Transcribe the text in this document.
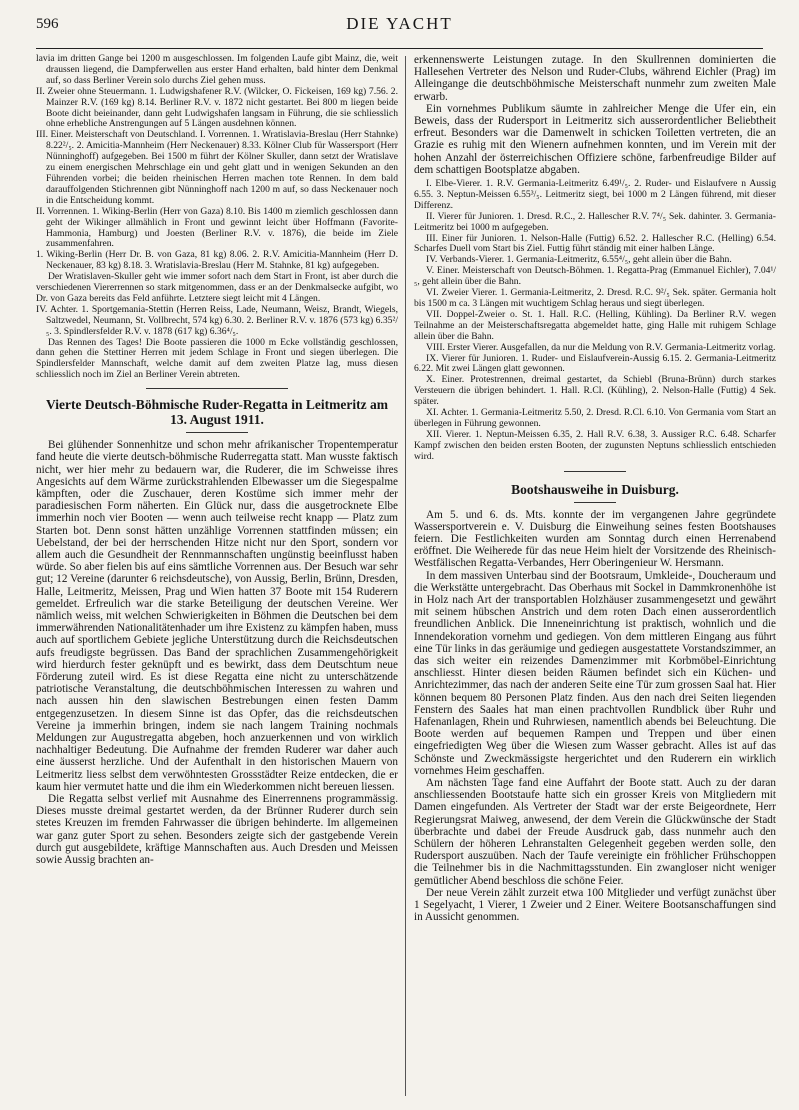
596	DIE YACHT

lavia im dritten Gange bei 1200 m ausgeschlossen. Im folgenden Laufe gibt Mainz, die, weit draussen liegend, die Dampferwellen aus erster Hand erhalten, bald hinter dem Denkmal auf, so dass Berliner Verein solo durchs Ziel gehen muss.

II. Zweier ohne Steuermann. 1. Ludwigshafener R.V. (Wilcker, O. Fickeisen, 169 kg) 7.56. 2. Mainzer R.V. (169 kg) 8.14. Berliner R.V. v. 1872 nicht gestartet. Bei 800 m liegen beide Boote dicht beieinander, dann geht Ludwigshafen langsam in Führung, die sie schliesslich ohne erhebliche Anstrengungen auf 5 Längen ausdehnen können.

III. Einer. Meisterschaft von Deutschland. I. Vorrennen. 1. Wratislavia-Breslau (Herr Stahnke) 8.22²/₅. 2. Amicitia-Mannheim (Herr Neckenauer) 8.33. Kölner Club für Wassersport (Herr Nünninghoff) aufgegeben. Bei 1500 m führt der Kölner Skuller, dann setzt der Wratislave zu einem energischen Mehrschlage ein und geht glatt und in wenigen Sekunden an den Führenden vorbei; die beiden rheinischen Herren machen tote Rennen. In dem bald darauffolgenden Stichrennen gibt Nünninghoff nach 1200 m auf, so dass Neckenauer noch in die Entscheidung kommt.

II. Vorrennen. 1. Wiking-Berlin (Herr von Gaza) 8.10. Bis 1400 m ziemlich geschlossen dann geht der Wikinger allmählich in Front und gewinnt leicht über Hoffmann (Favorite-Hammonia, Hamburg) und Joesten (Berliner R.V. v. 1876), die beide im Ziele zusammenfahren.

1. Wiking-Berlin (Herr Dr. B. von Gaza, 81 kg) 8.06. 2. R.V. Amicitia-Mannheim (Herr D. Neckenauer, 83 kg) 8.18. 3. Wratislavia-Breslau (Herr M. Stahnke, 81 kg) aufgegeben.

Der Wratislaven-Skuller geht wie immer sofort nach dem Start in Front, ist aber durch die verschiedenen Viererrennen so stark mitgenommen, dass er an der Denkmalsecke aufgibt, wo Dr. von Gaza bereits das Feld anführte. Letztere siegt leicht mit 4 Längen.

IV. Achter. 1. Sportgemania-Stettin (Herren Reiss, Lade, Neumann, Weisz, Brandt, Wiegels, Saltzwedel, Neumann, St. Vollbrecht, 574 kg) 6.30. 2. Berliner R.V. v. 1876 (573 kg) 6.35²/₅. 3. Spindlersfelder R.V. v. 1878 (617 kg) 6.36⁴/₅.

Das Rennen des Tages! Die Boote passieren die 1000 m Ecke vollständig geschlossen, dann gehen die Stettiner Herren mit jedem Schlage in Front und siegen überlegen. Die Spindlersfelder Mannschaft, welche damit auf dem zweiten Platze lag, muss diesen schliesslich noch im Ziel an Berliner Verein abtreten.

Vierte Deutsch-Böhmische Ruder-Regatta in Leitmeritz am 13. August 1911.

Bei glühender Sonnenhitze und schon mehr afrikanischer Tropentemperatur fand heute die vierte deutsch-böhmische Ruderregatta statt. Man wusste faktisch nicht, wer hier mehr zu bedauern war, die Ruderer, die im Schweisse ihres Angesichts auf dem Wärme zurückstrahlenden Elbewasser um die Siegespalme kämpften, oder die Zuschauer, deren Kostüme sich immer mehr der paradiesischen Form näherten. Ein Glück nur, dass die ausgetrocknete Elbe immerhin noch vier Booten — wenn auch teilweise recht knapp — Platz zum Starten bot. Denn sonst hätten unzählige Vorrennen stattfinden müssen; ein Uebelstand, der bei der herrschenden Hitze nicht nur den Sport, sondern vor allem auch die Gesundheit der Rennmannschaften ungünstig beeinflusst haben würde. So aber fielen bis auf eins sämtliche Vorrennen aus. Der Besuch war sehr gut; 12 Vereine (darunter 6 reichsdeutsche), von Aussig, Berlin, Brünn, Dresden, Halle, Leitmeritz, Meissen, Prag und Wien hatten 37 Boote mit 154 Ruderern gemeldet. Erfreulich war die starke Beteiligung der deutschen Vereine. Wer nämlich weiss, mit welchen Schwierigkeiten in Böhmen die Deutschen bei dem immerwährenden Nationalitätenhader um ihre Existenz zu kämpfen haben, muss auch auf sportlichem Gebiete jegliche Unterstützung durch die Reichsdeutschen aufs freudigste begrüssen. Das Band der sprachlichen Zusammengehörigkeit wird hierdurch fester geknüpft und es bewirkt, dass dem Deutschtum neue Förderung zuteil wird. Es ist diese Regatta eine nicht zu unterschätzende patriotische Veranstaltung, die deutschböhmischen Interessen zu wahren und nach aussen hin den slawischen Bestrebungen einen festen Damm entgegenzusetzen. In diesem Sinne ist das Opfer, das die reichsdeutschen Vereine ja immerhin bringen, indem sie nach langem Training nochmals Meldungen zur Augustregatta abgeben, hoch anzuerkennen und von wirklich nachhaltiger Bedeutung. Die Aufnahme der fremden Ruderer war daher auch eine äusserst herzliche. Und der Aufenthalt in den historischen Mauern von Leitmeritz liess selbst dem verwöhntesten Grossstädter Reize entdecken, die er kaum hier vermutet hatte und die ihm ein Wiederkommen nicht bereuen liessen.

Die Regatta selbst verlief mit Ausnahme des Einerrennens programmässig. Dieses musste dreimal gestartet werden, da der Brünner Ruderer durch sein stetes Kreuzen im fremden Fahrwasser die übrigen behinderte. Im allgemeinen war ganz guter Sport zu sehen. Besonders zeigte sich der gastgebende Verein durch gut ausgebildete, kräftige Mannschaften aus. Auch Dresden und Meissen sowie Aussig brachten an-

erkennenswerte Leistungen zutage. In den Skullrennen dominierten die Hallesehen Vertreter des Nelson und Ruder-Clubs, während Eichler (Prag) im Alleingange die deutschböhmische Meisterschaft nunmehr zum zweiten Male erwarb.

Ein vornehmes Publikum säumte in zahlreicher Menge die Ufer ein, ein Beweis, dass der Rudersport in Leitmeritz sich ausserordentlicher Beliebtheit erfreut. Besonders war die Damenwelt in schicken Toiletten vertreten, die an Grazie es ruhig mit den Wienern aufnehmen konnten, und im Verein mit der hohen Anzahl der österreichischen Offiziere schöne, farbenfreudige Bilder auf dem schattigen Bootsplatze abgaben.

I. Elbe-Vierer. 1. R.V. Germania-Leitmeritz 6.49¹/₅. 2. Ruder- und Eislaufvere n Aussig 6.55. 3. Neptun-Meissen 6.55³/₅. Leitmeritz siegt, bei 1000 m 2 Längen führend, mit dieser Differenz.

II. Vierer für Junioren. 1. Dresd. R.C., 2. Hallescher R.V. 7⁴/₅ Sek. dahinter. 3. Germania-Leitmeritz bei 1000 m aufgegeben.

III. Einer für Junioren. 1. Nelson-Halle (Futtig) 6.52. 2. Hallescher R.C. (Helling) 6.54. Scharfes Duell vom Start bis Ziel. Futtig führt ständig mit einer halben Länge.

IV. Verbands-Vierer. 1. Germania-Leitmeritz, 6.55⁴/₅, geht allein über die Bahn.

V. Einer. Meisterschaft von Deutsch-Böhmen. 1. Regatta-Prag (Emmanuel Eichler), 7.04¹/₅, geht allein über die Bahn.

VI. Zweier Vierer. 1. Germania-Leitmeritz, 2. Dresd. R.C. 9²/₅ Sek. später. Germania holt bis 1500 m ca. 3 Längen mit wuchtigem Schlag heraus und siegt überlegen.

VII. Doppel-Zweier o. St. 1. Hall. R.C. (Helling, Kühling). Da Berliner R.V. wegen Teilnahme an der Meisterschaftsregatta abgemeldet hatte, ging Halle mit ruhigem Schlage allein über die Bahn.

VIII. Erster Vierer. Ausgefallen, da nur die Meldung von R.V. Germania-Leitmeritz vorlag.

IX. Vierer für Junioren. 1. Ruder- und Eislaufverein-Aussig 6.15. 2. Germania-Leitmeritz 6.22. Mit zwei Längen glatt gewonnen.

X. Einer. Protestrennen, dreimal gestartet, da Schiebl (Bruna-Brünn) durch starkes Versteuern die übrigen behindert. 1. Hall. R.Cl. (Kühling), 2. Nelson-Halle (Futtig) 4 Sek. später.

XI. Achter. 1. Germania-Leitmeritz 5.50, 2. Dresd. R.Cl. 6.10. Von Germania vom Start an überlegen in Führung gewonnen.

XII. Vierer. 1. Neptun-Meissen 6.35, 2. Hall R.V. 6.38, 3. Aussiger R.C. 6.48. Scharfer Kampf zwischen den beiden ersten Booten, der zugunsten Neptuns schliesslich entschieden wird.

Bootshausweihe in Duisburg.

Am 5. und 6. ds. Mts. konnte der im vergangenen Jahre gegründete Wassersportverein e. V. Duisburg die Einweihung seines festen Bootshauses feiern. Die Festlichkeiten wurden am Sonntag durch einen Herrenabend eröffnet. Die Weiherede für das neue Heim hielt der Vorsitzende des Rheinisch-Westfälischen Regatta-Verbandes, Herr Oberingenieur W. Hersmann.

In dem massiven Unterbau sind der Bootsraum, Umkleide-, Doucheraum und die Werkstätte untergebracht. Das Oberhaus mit Sockel in Dammkronenhöhe ist in Holz nach Art der transportablen Holzhäuser zusammengesetzt und gewährt mit seinem hübschen Anstrich und dem roten Dach einen ausserordentlich freundlichen Anblick. Die Inneneinrichtung ist praktisch, wohnlich und die Innendekoration vornehm und gediegen. Von dem mittleren Eingang aus führt eine Tür links in das geräumige und gediegen ausgestattete Vorstandszimmer, an das sich weiter ein reizendes Damenzimmer mit Korbmöbel-Einrichtung anschliesst. Hinter diesen beiden Räumen befindet sich ein Küchen- und Anrichtezimmer, das nach der anderen Seite eine Tür zum grossen Saal hat. Hier können bequem 80 Personen Platz finden. Aus den nach drei Seiten liegenden Fenstern des Saales hat man einen prachtvollen Rundblick über Ruhr und Hafenanlagen, Rhein und Ruhrwiesen, namentlich abends bei Beleuchtung. Die Boote werden auf bequemen Rampen und Treppen und über einen eingefriedigten Weg über die Wiesen zum Wasser gebracht. Alles ist auf das Schönste und Zweckmässigste hergerichtet und den Ruderern ein wirklich vornehmes Heim geschaffen.

Am nächsten Tage fand eine Auffahrt der Boote statt. Auch zu der daran anschliessenden Bootstaufe hatte sich ein grosser Kreis von Mitgliedern mit Damen eingefunden. Als Vertreter der Stadt war der erste Beigeordnete, Herr Regierungsrat Maiweg, anwesend, der dem Verein die Glückwünsche der Stadt überbrachte und dabei der Freude Ausdruck gab, dass nunmehr auch den Schülern der höheren Lehranstalten Gelegenheit gegeben werden solle, den Rudersport auszuüben. Nach der Taufe vereinigte ein fröhlicher Frühschoppen die Teilnehmer bis in die Nachmittagsstunden. Ein zwangloser nicht weniger gemütlicher Abend beschloss die schöne Feier.

Der neue Verein zählt zurzeit etwa 100 Mitglieder und verfügt zunächst über 1 Segelyacht, 1 Vierer, 1 Zweier und 2 Einer. Weitere Bootsanschaffungen sind in Aussicht genommen.
